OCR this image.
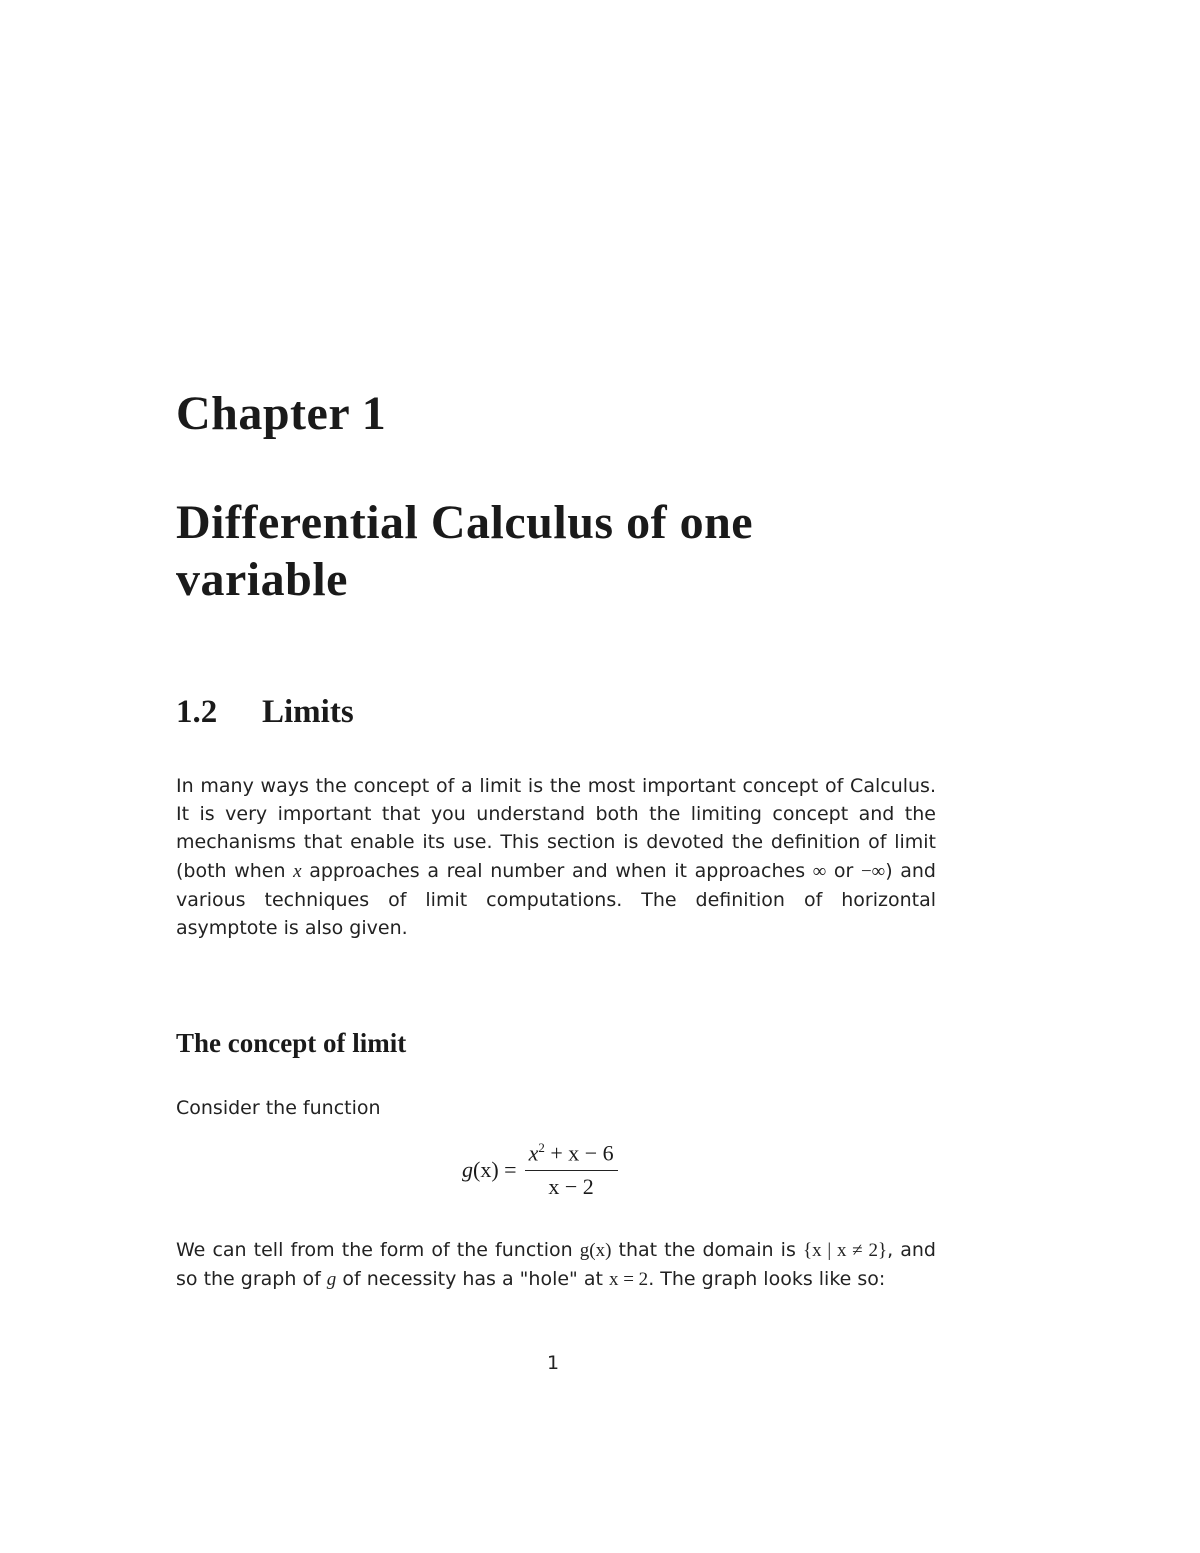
Chapter 1
Differential Calculus of one variable
1.2 Limits

In many ways the concept of a limit is the most important concept of Calculus. It is very important that you understand both the limiting concept and the mechanisms that enable its use. This section is devoted the definition of limit (both when x approaches a real number and when it approaches ∞ or −∞) and various techniques of limit computations. The definition of horizontal asymptote is also given.

The concept of limit

Consider the function

g $(x) = \frac{x^2 + x - 6}{x - 2}$

We can tell from the form of the function g(x) that the domain is {x | x ≠ 2}, and so the graph of g of necessity has a "hole" at x = 2. The graph looks like so:

1
